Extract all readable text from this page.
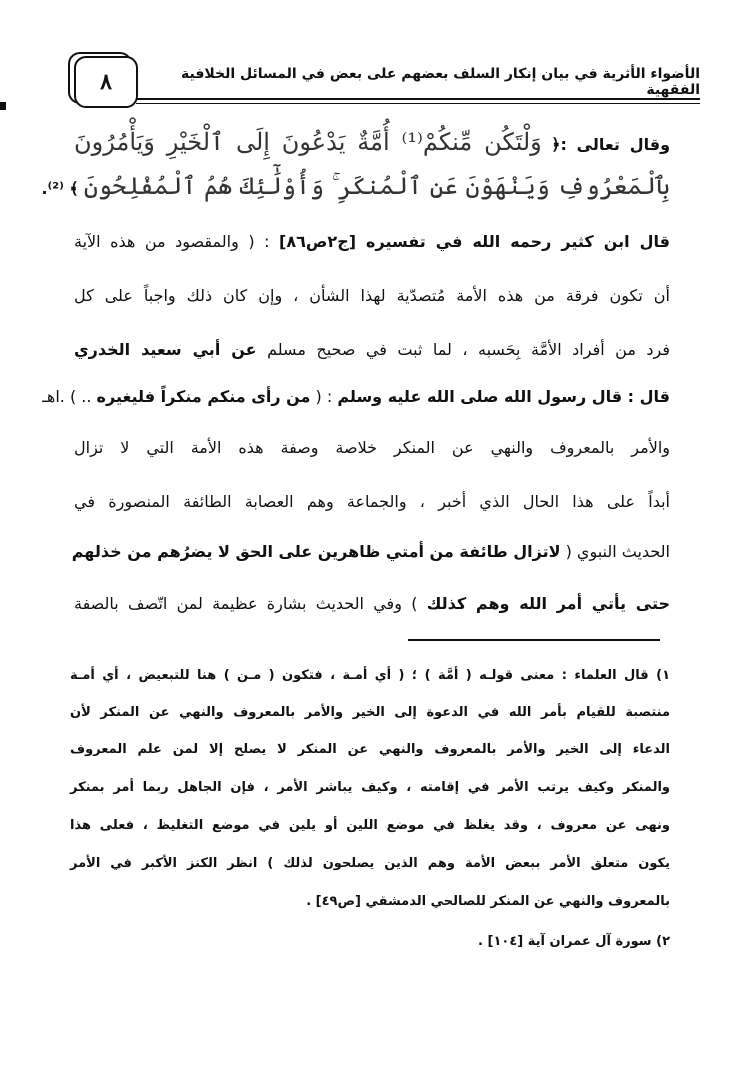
٨	الأضواء الأثرية في بيان إنكار السلف بعضهم على بعض في المسائل الخلافية الفقهية
وقال تعالى :﴿ وَلْتَكُن مِّنكُمْ⁽¹⁾ أُمَّةٌ يَدْعُونَ إِلَى ٱلْخَيْرِ وَيَأْمُرُونَ
بِٱلْمَعْرُوفِ وَيَنْهَوْنَ عَنِ ٱلْمُنكَرِ ۚ وَأُوْلَٰٓئِكَ هُمُ ٱلْمُفْلِحُونَ ﴾ ⁽²⁾.
قال ابن كثير رحمه الله في تفسيره [ج٢ص٨٦] : ( والمقصود من هذه الآية
أن تكون فرقة من هذه الأمة مُتصدّية لهذا الشأن ، وإن كان ذلك واجباً على كل
فرد من أفراد الأمَّة بِحَسبه ، لما ثبت في صحيح مسلم عن أبي سعيد الخدري
قال : قال رسول الله صلى الله عليه وسلم : ( من رأى منكم منكراً فليغيره .. ) .اهـ
والأمر بالمعروف والنهي عن المنكر خلاصة وصفة هذه الأمة التي لا تزال
أبداً على هذا الحال الذي أخبر ، والجماعة وهم العصابة الطائفة المنصورة في
الحديث النبوي ( لاتزال طائفة من أمتي ظاهرين على الحق لا يضرُهم من خذلهم
حتى يأتي أمر الله وهم كذلك ) وفي الحديث بشارة عظيمة لمن اتّصف بالصفة
١) قال العلماء : معنى قولـه ( أمَّة ) ؛ ( أي أمـة ، فتكون ( مـن ) هنا للتبعيض ، أي أمـة
منتصبة للقيام بأمر الله في الدعوة إلى الخير والأمر بالمعروف والنهي عن المنكر لأن
الدعاء إلى الخير والأمر بالمعروف والنهي عن المنكر لا يصلح إلا لمن علم المعروف
والمنكر وكيف يرتب الأمر في إقامته ، وكيف يباشر الأمر ، فإن الجاهل ربما أمر بمنكر
ونهى عن معروف ، وقد يغلظ في موضع اللين أو يلين في موضع التغليظ ، فعلى هذا
يكون متعلق الأمر ببعض الأمة وهم الذين يصلحون لذلك ) انظر الكنز الأكبر في الأمر
بالمعروف والنهي عن المنكر للصالحي الدمشقي [ص٤٩] .
٢) سورة آل عمران آية [١٠٤] .
